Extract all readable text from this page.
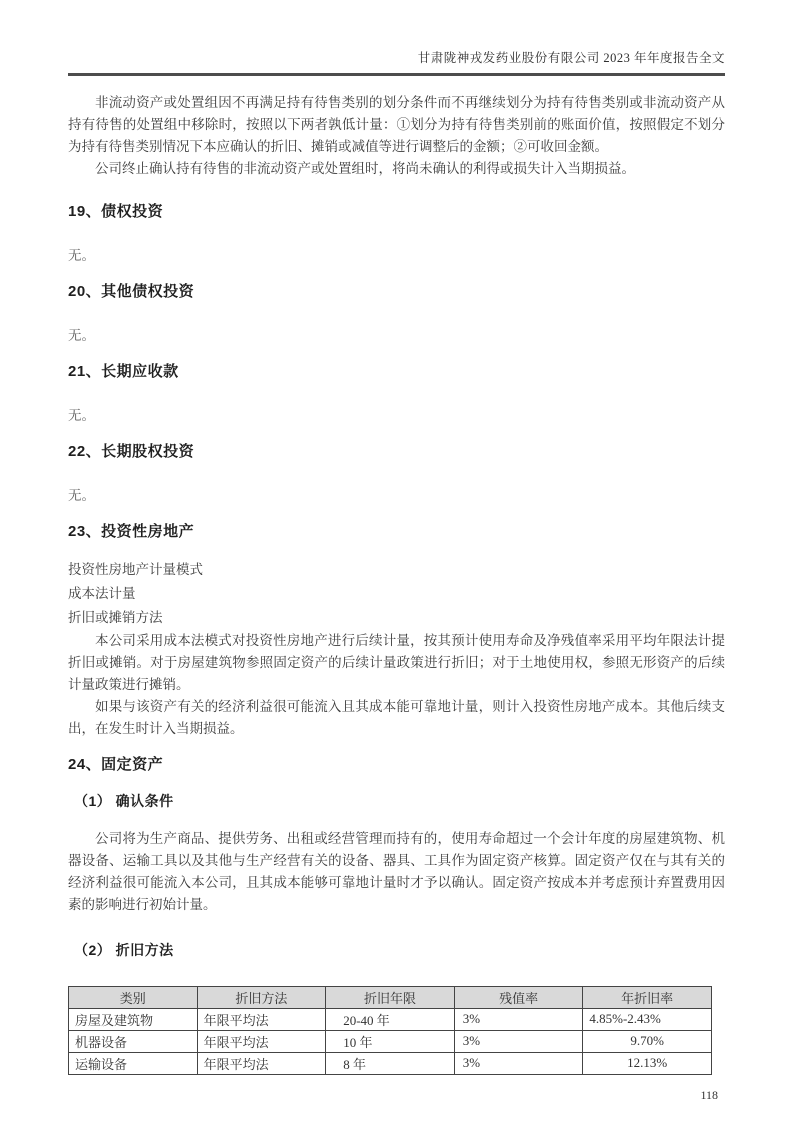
甘肃陇神戎发药业股份有限公司 2023 年年度报告全文

非流动资产或处置组因不再满足持有待售类别的划分条件而不再继续划分为持有待售类别或非流动资产从持有待售的处置组中移除时，按照以下两者孰低计量：①划分为持有待售类别前的账面价值，按照假定不划分为持有待售类别情况下本应确认的折旧、摊销或减值等进行调整后的金额；②可收回金额。

公司终止确认持有待售的非流动资产或处置组时，将尚未确认的利得或损失计入当期损益。

19、债权投资
无。
20、其他债权投资
无。
21、长期应收款
无。
22、长期股权投资
无。
23、投资性房地产
投资性房地产计量模式
成本法计量
折旧或摊销方法

本公司采用成本法模式对投资性房地产进行后续计量，按其预计使用寿命及净残值率采用平均年限法计提折旧或摊销。对于房屋建筑物参照固定资产的后续计量政策进行折旧；对于土地使用权，参照无形资产的后续计量政策进行摊销。

如果与该资产有关的经济利益很可能流入且其成本能可靠地计量，则计入投资性房地产成本。其他后续支出，在发生时计入当期损益。

24、固定资产
（1） 确认条件

公司将为生产商品、提供劳务、出租或经营管理而持有的，使用寿命超过一个会计年度的房屋建筑物、机器设备、运输工具以及其他与生产经营有关的设备、器具、工具作为固定资产核算。固定资产仅在与其有关的经济利益很可能流入本公司，且其成本能够可靠地计量时才予以确认。固定资产按成本并考虑预计弃置费用因素的影响进行初始计量。

（2） 折旧方法
类别	折旧方法	折旧年限	残值率	年折旧率
房屋及建筑物	年限平均法	20-40 年	3%	4.85%-2.43%
机器设备	年限平均法	10 年	3%	9.70%
运输设备	年限平均法	8 年	3%	12.13%
118
